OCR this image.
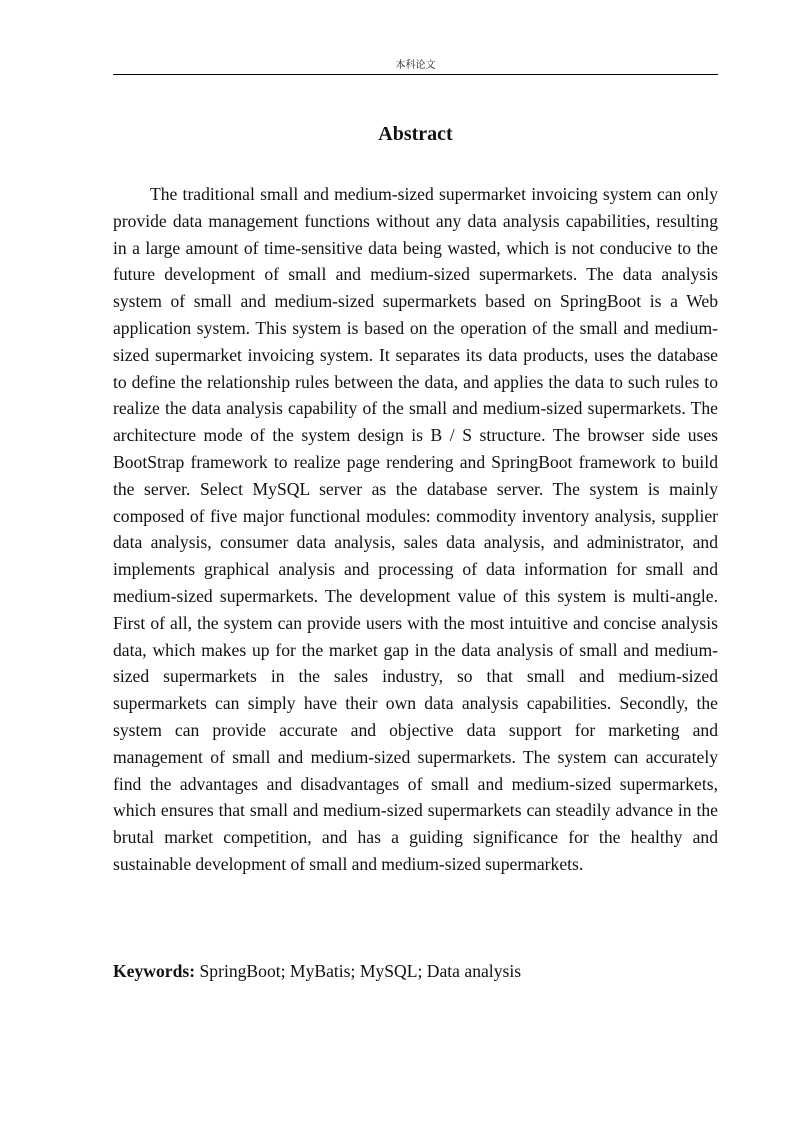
本科论文
Abstract

The traditional small and medium-sized supermarket invoicing system can only provide data management functions without any data analysis capabilities, resulting in a large amount of time-sensitive data being wasted, which is not conducive to the future development of small and medium-sized supermarkets. The data analysis system of small and medium-sized supermarkets based on SpringBoot is a Web application system. This system is based on the operation of the small and medium-sized supermarket invoicing system. It separates its data products, uses the database to define the relationship rules between the data, and applies the data to such rules to realize the data analysis capability of the small and medium-sized supermarkets. The architecture mode of the system design is B / S structure. The browser side uses BootStrap framework to realize page rendering and SpringBoot framework to build the server. Select MySQL server as the database server. The system is mainly composed of five major functional modules: commodity inventory analysis, supplier data analysis, consumer data analysis, sales data analysis, and administrator, and implements graphical analysis and processing of data information for small and medium-sized supermarkets. The development value of this system is multi-angle. First of all, the system can provide users with the most intuitive and concise analysis data, which makes up for the market gap in the data analysis of small and medium-sized supermarkets in the sales industry, so that small and medium-sized supermarkets can simply have their own data analysis capabilities. Secondly, the system can provide accurate and objective data support for marketing and management of small and medium-sized supermarkets. The system can accurately find the advantages and disadvantages of small and medium-sized supermarkets, which ensures that small and medium-sized supermarkets can steadily advance in the brutal market competition, and has a guiding significance for the healthy and sustainable development of small and medium-sized supermarkets.

Keywords: SpringBoot; MyBatis; MySQL; Data analysis
